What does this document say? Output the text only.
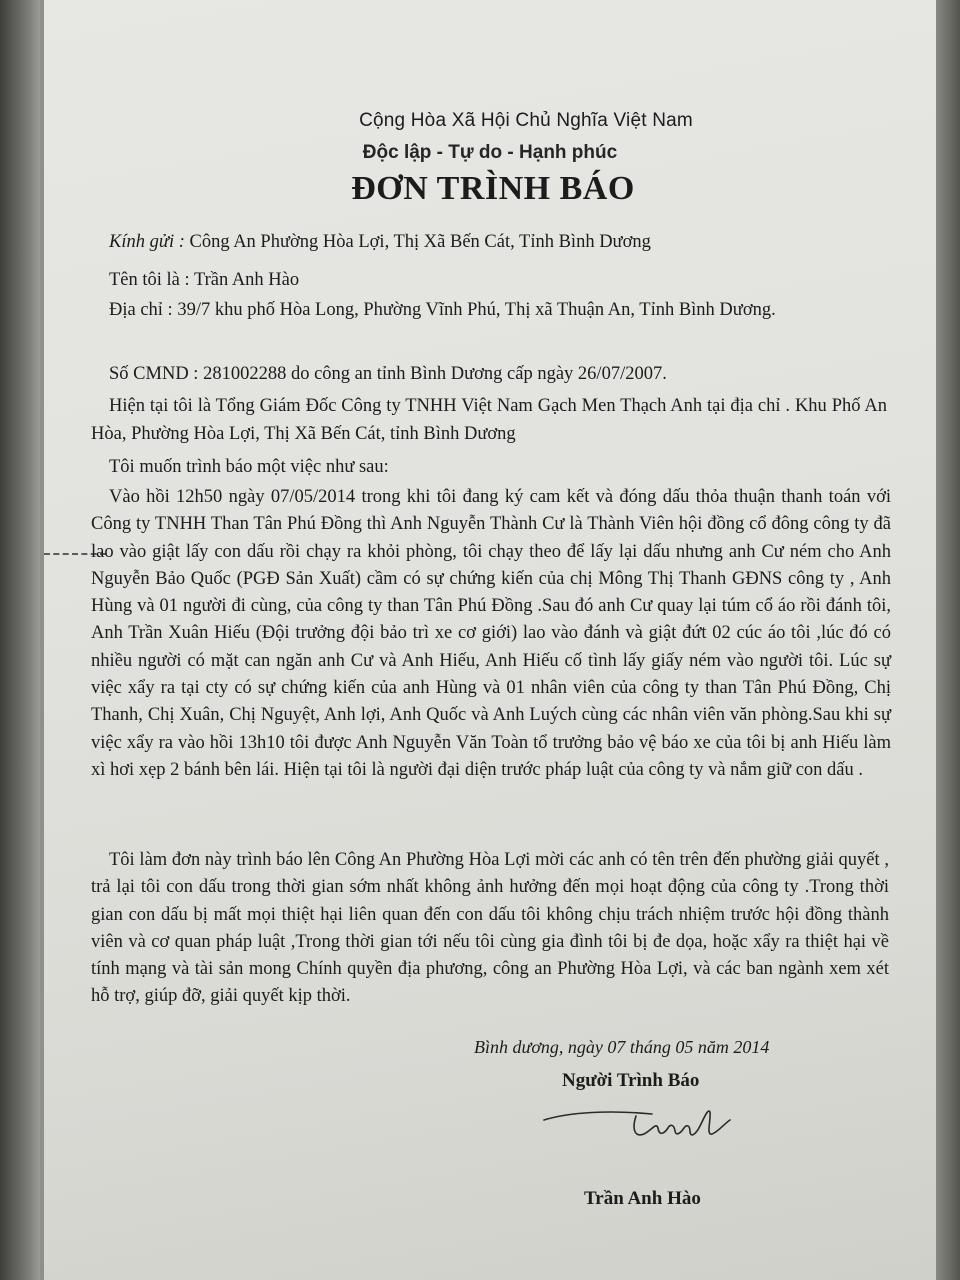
Cộng Hòa Xã Hội Chủ Nghĩa Việt Nam
Độc lập - Tự do - Hạnh phúc
ĐƠN TRÌNH BÁO
Kính gửi : Công An Phường Hòa Lợi, Thị Xã Bến Cát, Tỉnh Bình Dương
Tên tôi là : Trần Anh Hào
Địa chỉ : 39/7 khu phố Hòa Long, Phường Vĩnh Phú, Thị xã Thuận An, Tỉnh Bình Dương.
Số CMND : 281002288 do công an tỉnh Bình Dương cấp ngày 26/07/2007.
Hiện tại tôi là Tổng Giám Đốc Công ty TNHH Việt Nam Gạch Men Thạch Anh tại địa chỉ . Khu Phố An Hòa, Phường Hòa Lợi, Thị Xã Bến Cát, tỉnh Bình Dương
Tôi muốn trình báo một việc như sau:
Vào hồi 12h50 ngày 07/05/2014 trong khi tôi đang ký cam kết và đóng dấu thỏa thuận thanh toán với Công ty TNHH Than Tân Phú Đồng thì Anh Nguyễn Thành Cư là Thành Viên hội đồng cổ đông công ty đã lao vào giật lấy con dấu rồi chạy ra khỏi phòng, tôi chạy theo để lấy lại dấu nhưng anh Cư ném cho Anh Nguyễn Bảo Quốc (PGĐ Sản Xuất) cầm có sự chứng kiến của chị Mông Thị Thanh GĐNS công ty , Anh Hùng và 01 người đi cùng, của công ty than Tân Phú Đồng .Sau đó anh Cư quay lại túm cổ áo rồi đánh tôi, Anh Trần Xuân Hiếu (Đội trưởng đội bảo trì xe cơ giới) lao vào đánh và giật đứt 02 cúc áo tôi ,lúc đó có nhiều người có mặt can ngăn anh Cư và Anh Hiếu, Anh Hiếu cố tình lấy giấy ném vào người tôi. Lúc sự việc xẩy ra tại cty có sự chứng kiến của anh Hùng và 01 nhân viên của công ty than Tân Phú Đồng, Chị Thanh, Chị Xuân, Chị Nguyệt, Anh lợi, Anh Quốc và Anh Luých cùng các nhân viên văn phòng.Sau khi sự việc xẩy ra vào hồi 13h10 tôi được Anh Nguyễn Văn Toàn tổ trưởng bảo vệ báo xe của tôi bị anh Hiếu làm xì hơi xẹp 2 bánh bên lái. Hiện tại tôi là người đại diện trước pháp luật của công ty và nắm giữ con dấu .
Tôi làm đơn này trình báo lên Công An Phường Hòa Lợi mời các anh có tên trên đến phường giải quyết , trả lại tôi con dấu trong thời gian sớm nhất không ảnh hưởng đến mọi hoạt động của công ty .Trong thời gian con dấu bị mất mọi thiệt hại liên quan đến con dấu tôi không chịu trách nhiệm trước hội đồng thành viên và cơ quan pháp luật ,Trong thời gian tới nếu tôi cùng gia đình tôi bị đe dọa, hoặc xẩy ra thiệt hại về tính mạng và tài sản mong Chính quyền địa phương, công an Phường Hòa Lợi, và các ban ngành xem xét hỗ trợ, giúp đỡ, giải quyết kịp thời.
Bình dương, ngày 07 tháng 05 năm 2014
Người Trình Báo
Trần Anh Hào
